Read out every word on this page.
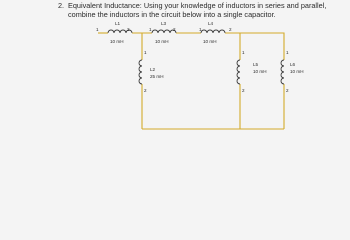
2. Equivalent Inductance: Using your knowledge of inductors in series and parallel,
combine the inductors in the circuit below into a single capacitor.
L1
1	2
10 mH
L3
1	2
10 mH
L4
1	2
10 mH
1
L2
25 mH
2
1
L5
10 mH
2
1
L6
10 mH
2
